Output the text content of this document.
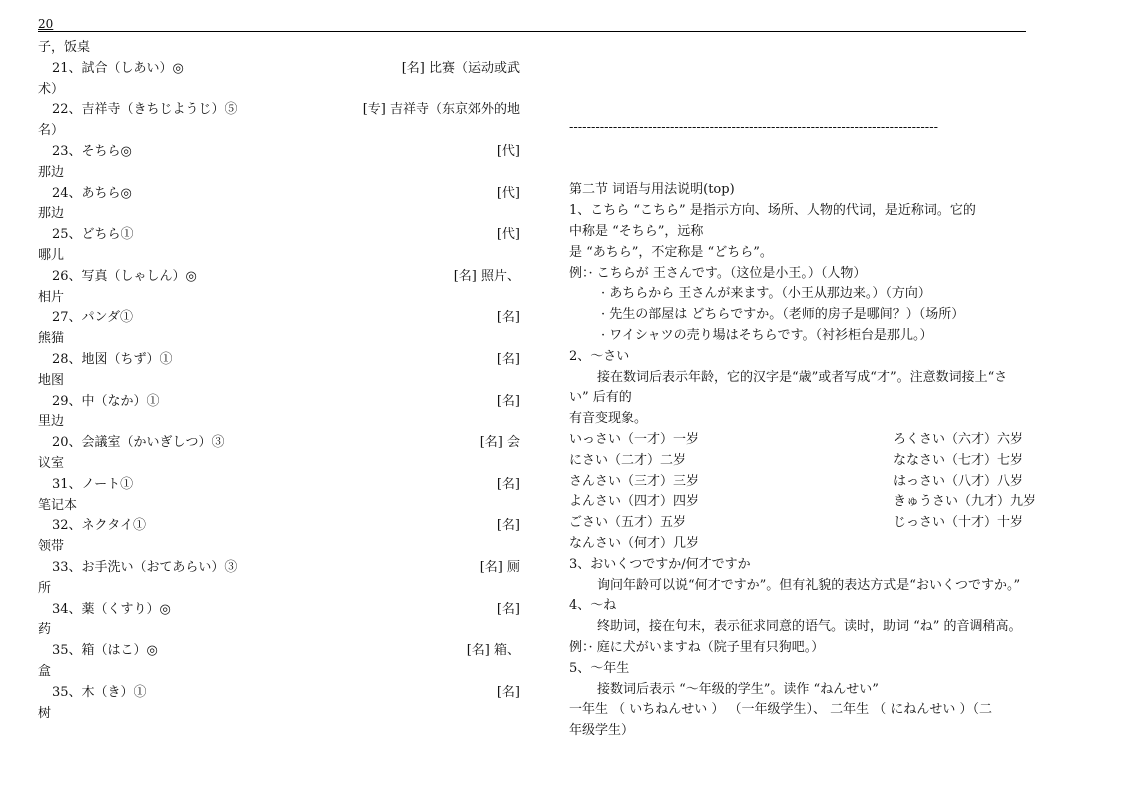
20
子，饭桌
21、試合（しあい）◎	[名] 比赛（运动或武
术）
22、吉祥寺（きちじようじ）⑤	[专] 吉祥寺（东京郊外的地
名）
23、そちら◎	[代]
那边
24、あちら◎	[代]
那边
25、どちら①	[代]
哪儿
26、写真（しゃしん）◎	[名] 照片、
相片
27、パンダ①	[名]
熊猫
28、地図（ちず）①	[名]
地图
29、中（なか）①	[名]
里边
20、会議室（かいぎしつ）③	[名] 会
议室
31、ノート①	[名]
笔记本
32、ネクタイ①	[名]
领带
33、お手洗い（おてあらい）③	[名] 厕
所
34、薬（くすり）◎	[名]
药
35、箱（はこ）◎	[名] 箱、
盒
35、木（き）①	[名]
树
------------------------------------------------------------------------------------
第二节 词语与用法说明(top)
1、こちら “こちら” 是指示方向、场所、人物的代词，是近称词。它的
中称是 “そちら”，远称
是 “あちら”，不定称是 “どちら”。
例：· こちらが 王さんです。（这位是小王。）（人物）
· あちらから 王さんが来ます。（小王从那边来。）（方向）
· 先生の部屋は どちらですか。（老师的房子是哪间？）（场所）
· ワイシャツの売り場はそちらです。（衬衫柜台是那儿。）
2、～さい
接在数词后表示年龄，它的汉字是“歳”或者写成“才”。注意数词接上“さ
い” 后有的
有音变现象。
いっさい（一才）一岁	ろくさい（六才）六岁
にさい（二才）二岁	ななさい（七才）七岁
さんさい（三才）三岁	はっさい（八才）八岁
よんさい（四才）四岁	きゅうさい（九才）九岁
ごさい（五才）五岁	じっさい（十才）十岁
なんさい（何才）几岁
3、おいくつですか/何才ですか
询问年龄可以说“何才ですか”。但有礼貌的表达方式是“おいくつですか。”
4、～ね
终助词，接在句末，表示征求同意的语气。读时，助词 “ね” 的音调稍高。
例：· 庭に犬がいますね（院子里有只狗吧。）
5、～年生
接数词后表示 “～年级的学生”。读作 “ねんせい”
一年生 （ いちねんせい ） （一年级学生）、 二年生 （ にねんせい ）（二
年级学生）
